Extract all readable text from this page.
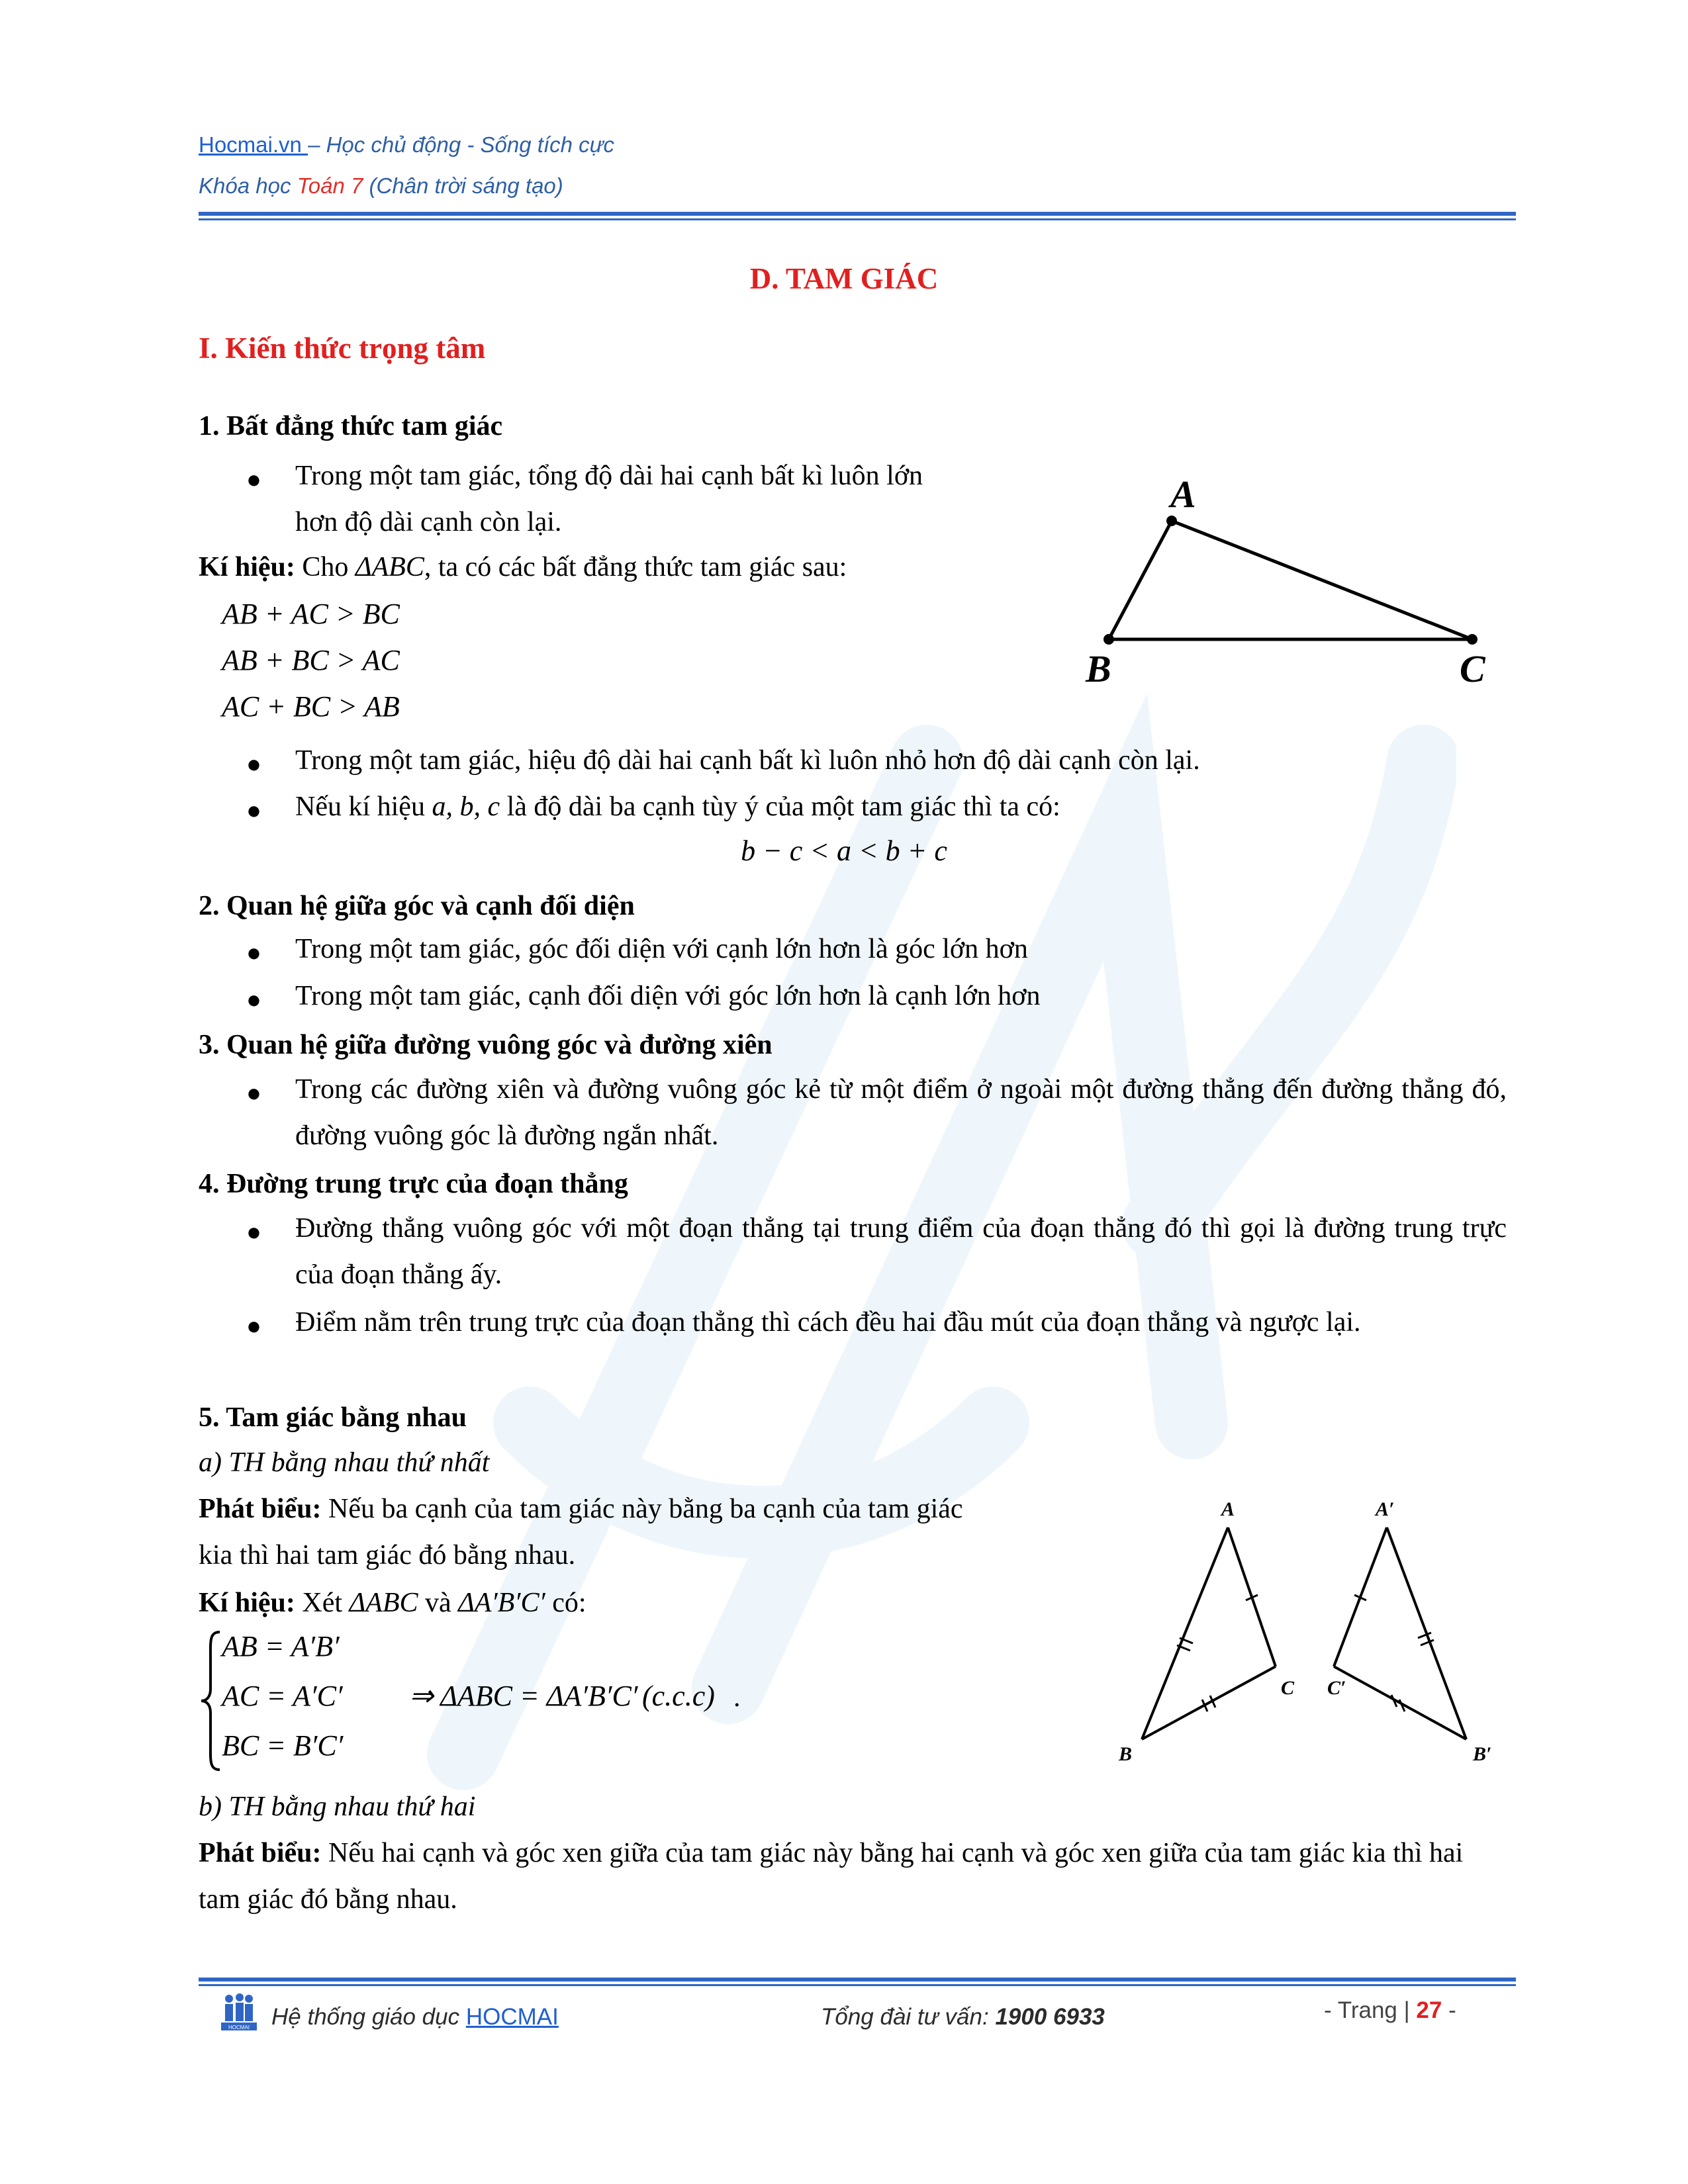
Hocmai.vn – Học chủ động - Sống tích cực
Khóa học Toán 7 (Chân trời sáng tạo)
D. TAM GIÁC
I. Kiến thức trọng tâm
1. Bất đẳng thức tam giác
● Trong một tam giác, tổng độ dài hai cạnh bất kì luôn lớn
hơn độ dài cạnh còn lại.
Kí hiệu: Cho ΔABC, ta có các bất đẳng thức tam giác sau:
AB + AC > BC
AB + BC > AC
AC + BC > AB
A
B	C
● Trong một tam giác, hiệu độ dài hai cạnh bất kì luôn nhỏ hơn độ dài cạnh còn lại.
● Nếu kí hiệu a, b, c là độ dài ba cạnh tùy ý của một tam giác thì ta có:
b − c < a < b + c
2. Quan hệ giữa góc và cạnh đối diện
● Trong một tam giác, góc đối diện với cạnh lớn hơn là góc lớn hơn
● Trong một tam giác, cạnh đối diện với góc lớn hơn là cạnh lớn hơn
3. Quan hệ giữa đường vuông góc và đường xiên
● Trong các đường xiên và đường vuông góc kẻ từ một điểm ở ngoài một đường thẳng đến đường thẳng đó, đường vuông góc là đường ngắn nhất.
4. Đường trung trực của đoạn thẳng
● Đường thẳng vuông góc với một đoạn thẳng tại trung điểm của đoạn thẳng đó thì gọi là đường trung trực của đoạn thẳng ấy.
● Điểm nằm trên trung trực của đoạn thẳng thì cách đều hai đầu mút của đoạn thẳng và ngược lại.
5. Tam giác bằng nhau
a) TH bằng nhau thứ nhất
Phát biểu: Nếu ba cạnh của tam giác này bằng ba cạnh của tam giác
kia thì hai tam giác đó bằng nhau.
Kí hiệu: Xét ΔABC và ΔA′B′C′ có:
AB = A′B′
AC = A′C′ ⇒ ΔABC = ΔA′B′C′ (c.c.c) .
BC = B′C′
A
B
C
A′
B′
C′
b) TH bằng nhau thứ hai
Phát biểu: Nếu hai cạnh và góc xen giữa của tam giác này bằng hai cạnh và góc xen giữa của tam giác kia thì hai tam giác đó bằng nhau.
HOCMAI Hệ thống giáo dục HOCMAI	Tổng đài tư vấn: 1900 6933	- Trang | 27 -
